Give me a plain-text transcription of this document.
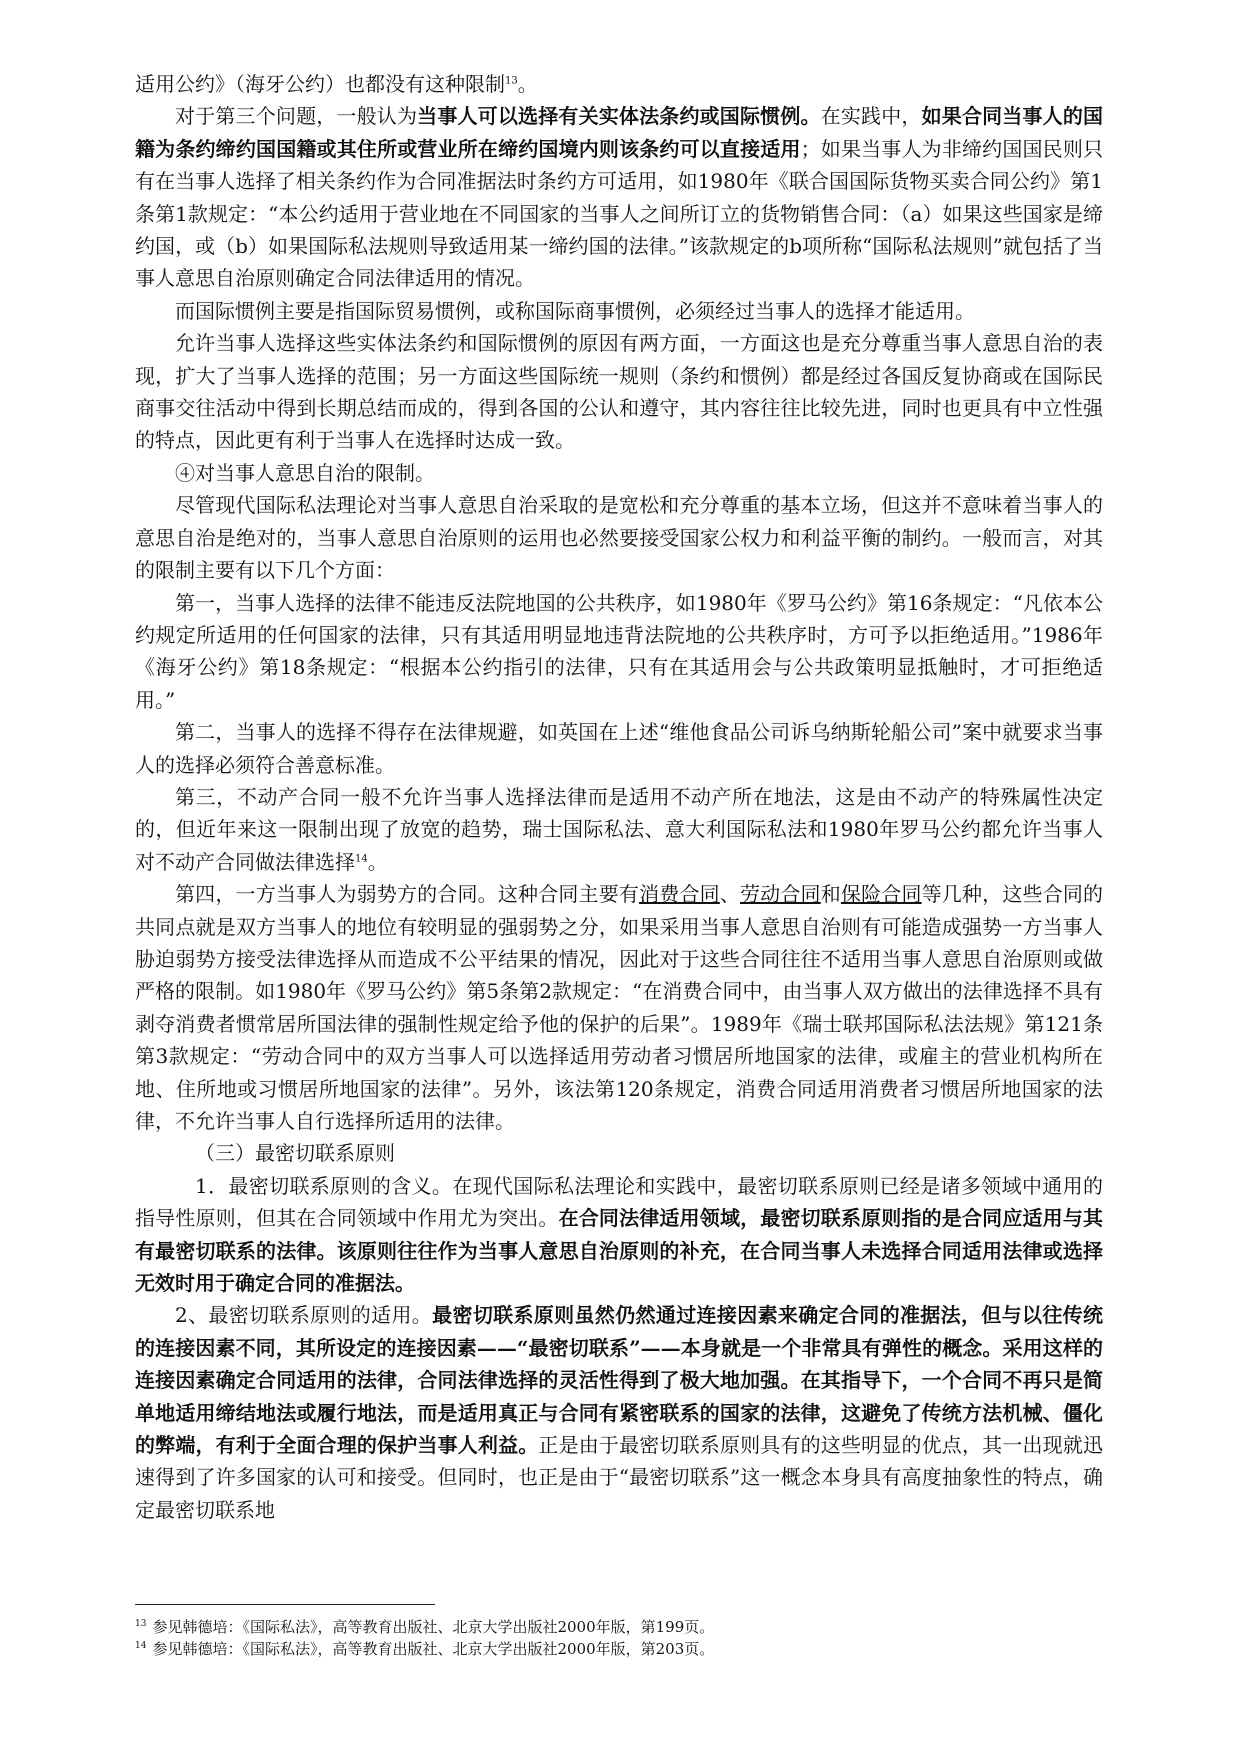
适用公约》（海牙公约）也都没有这种限制$^{13}$。

对于第三个问题，一般认为当事人可以选择有关实体法条约或国际惯例。在实践中，如果合同当事人的国籍为条约缔约国国籍或其住所或营业所在缔约国境内则该条约可以直接适用；如果当事人为非缔约国国民则只有在当事人选择了相关条约作为合同准据法时条约方可适用，如1980年《联合国国际货物买卖合同公约》第1条第1款规定：“本公约适用于营业地在不同国家的当事人之间所订立的货物销售合同：（a）如果这些国家是缔约国，或（b）如果国际私法规则导致适用某一缔约国的法律。”该款规定的b项所称“国际私法规则”就包括了当事人意思自治原则确定合同法律适用的情况。

而国际惯例主要是指国际贸易惯例，或称国际商事惯例，必须经过当事人的选择才能适用。

允许当事人选择这些实体法条约和国际惯例的原因有两方面，一方面这也是充分尊重当事人意思自治的表现，扩大了当事人选择的范围；另一方面这些国际统一规则（条约和惯例）都是经过各国反复协商或在国际民商事交往活动中得到长期总结而成的，得到各国的公认和遵守，其内容往往比较先进，同时也更具有中立性强的特点，因此更有利于当事人在选择时达成一致。

④对当事人意思自治的限制。

尽管现代国际私法理论对当事人意思自治采取的是宽松和充分尊重的基本立场，但这并不意味着当事人的意思自治是绝对的，当事人意思自治原则的运用也必然要接受国家公权力和利益平衡的制约。一般而言，对其的限制主要有以下几个方面：

第一，当事人选择的法律不能违反法院地国的公共秩序，如1980年《罗马公约》第16条规定：“凡依本公约规定所适用的任何国家的法律，只有其适用明显地违背法院地的公共秩序时，方可予以拒绝适用。”1986年《海牙公约》第18条规定：“根据本公约指引的法律，只有在其适用会与公共政策明显抵触时，才可拒绝适用。”

第二，当事人的选择不得存在法律规避，如英国在上述“维他食品公司诉乌纳斯轮船公司”案中就要求当事人的选择必须符合善意标准。

第三，不动产合同一般不允许当事人选择法律而是适用不动产所在地法，这是由不动产的特殊属性决定的，但近年来这一限制出现了放宽的趋势，瑞士国际私法、意大利国际私法和1980年罗马公约都允许当事人对不动产合同做法律选择$^{14}$。

第四，一方当事人为弱势方的合同。这种合同主要有消费合同、劳动合同和保险合同等几种，这些合同的共同点就是双方当事人的地位有较明显的强弱势之分，如果采用当事人意思自治则有可能造成强势一方当事人胁迫弱势方接受法律选择从而造成不公平结果的情况，因此对于这些合同往往不适用当事人意思自治原则或做严格的限制。如1980年《罗马公约》第5条第2款规定：“在消费合同中，由当事人双方做出的法律选择不具有剥夺消费者惯常居所国法律的强制性规定给予他的保护的后果”。1989年《瑞士联邦国际私法法规》第121条第3款规定：“劳动合同中的双方当事人可以选择适用劳动者习惯居所地国家的法律，或雇主的营业机构所在地、住所地或习惯居所地国家的法律”。另外，该法第120条规定，消费合同适用消费者习惯居所地国家的法律，不允许当事人自行选择所适用的法律。

（三）最密切联系原则

1．最密切联系原则的含义。在现代国际私法理论和实践中，最密切联系原则已经是诸多领域中通用的指导性原则，但其在合同领域中作用尤为突出。在合同法律适用领域，最密切联系原则指的是合同应适用与其有最密切联系的法律。该原则往往作为当事人意思自治原则的补充，在合同当事人未选择合同适用法律或选择无效时用于确定合同的准据法。

2、最密切联系原则的适用。最密切联系原则虽然仍然通过连接因素来确定合同的准据法，但与以往传统的连接因素不同，其所设定的连接因素——“最密切联系”——本身就是一个非常具有弹性的概念。采用这样的连接因素确定合同适用的法律，合同法律选择的灵活性得到了极大地加强。在其指导下，一个合同不再只是简单地适用缔结地法或履行地法，而是适用真正与合同有紧密联系的国家的法律，这避免了传统方法机械、僵化的弊端，有利于全面合理的保护当事人利益。正是由于最密切联系原则具有的这些明显的优点，其一出现就迅速得到了许多国家的认可和接受。但同时，也正是由于“最密切联系”这一概念本身具有高度抽象性的特点，确定最密切联系地

$^{13}$ 参见韩德培：《国际私法》，高等教育出版社、北京大学出版社2000年版，第199页。

$^{14}$ 参见韩德培：《国际私法》，高等教育出版社、北京大学出版社2000年版，第203页。
